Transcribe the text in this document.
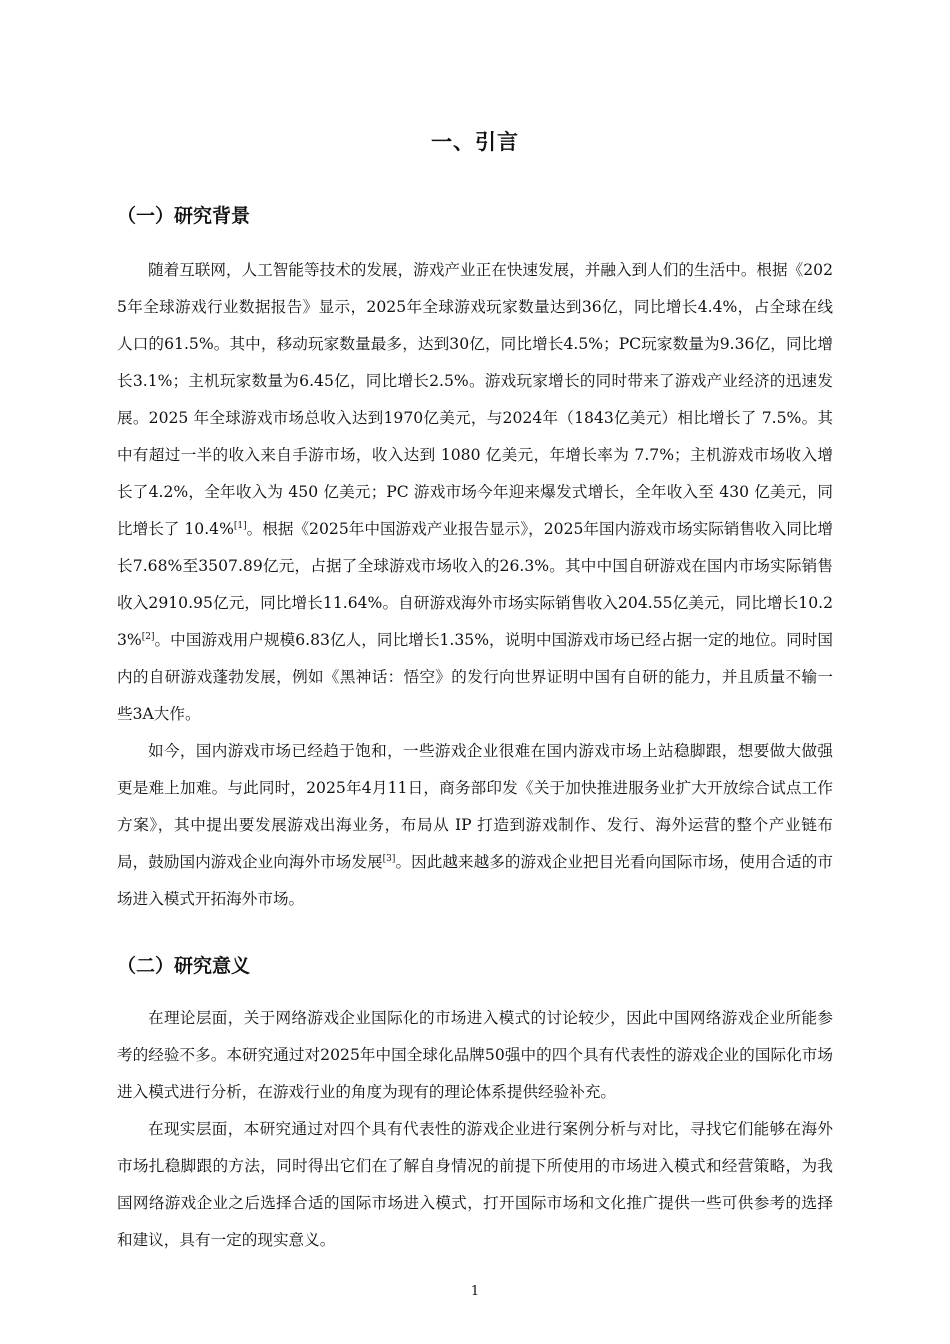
一、引言
（一）研究背景

随着互联网，人工智能等技术的发展，游戏产业正在快速发展，并融入到人们的生活中。根据《2025年全球游戏行业数据报告》显示，2025年全球游戏玩家数量达到36亿，同比增长4.4%，占全球在线人口的61.5%。其中，移动玩家数量最多，达到30亿，同比增长4.5%；PC玩家数量为9.36亿，同比增长3.1%；主机玩家数量为6.45亿，同比增长2.5%。游戏玩家增长的同时带来了游戏产业经济的迅速发展。2025 年全球游戏市场总收入达到1970亿美元，与2024年（1843亿美元）相比增长了 7.5%。其中有超过一半的收入来自手游市场，收入达到 1080 亿美元，年增长率为 7.7%；主机游戏市场收入增长了4.2%，全年收入为 450 亿美元；PC 游戏市场今年迎来爆发式增长，全年收入至 430 亿美元，同比增长了 10.4%[1]。根据《2025年中国游戏产业报告显示》，2025年国内游戏市场实际销售收入同比增长7.68%至3507.89亿元，占据了全球游戏市场收入的26.3%。其中中国自研游戏在国内市场实际销售收入2910.95亿元，同比增长11.64%。自研游戏海外市场实际销售收入204.55亿美元，同比增长10.23%[2]。中国游戏用户规模6.83亿人，同比增长1.35%，说明中国游戏市场已经占据一定的地位。同时国内的自研游戏蓬勃发展，例如《黑神话：悟空》的发行向世界证明中国有自研的能力，并且质量不输一些3A大作。

如今，国内游戏市场已经趋于饱和，一些游戏企业很难在国内游戏市场上站稳脚跟，想要做大做强更是难上加难。与此同时，2025年4月11日，商务部印发《关于加快推进服务业扩大开放综合试点工作方案》，其中提出要发展游戏出海业务，布局从 IP 打造到游戏制作、发行、海外运营的整个产业链布局，鼓励国内游戏企业向海外市场发展[3]。因此越来越多的游戏企业把目光看向国际市场，使用合适的市场进入模式开拓海外市场。

（二）研究意义

在理论层面，关于网络游戏企业国际化的市场进入模式的讨论较少，因此中国网络游戏企业所能参考的经验不多。本研究通过对2025年中国全球化品牌50强中的四个具有代表性的游戏企业的国际化市场进入模式进行分析，在游戏行业的角度为现有的理论体系提供经验补充。

在现实层面，本研究通过对四个具有代表性的游戏企业进行案例分析与对比，寻找它们能够在海外市场扎稳脚跟的方法，同时得出它们在了解自身情况的前提下所使用的市场进入模式和经营策略，为我国网络游戏企业之后选择合适的国际市场进入模式，打开国际市场和文化推广提供一些可供参考的选择和建议，具有一定的现实意义。

1
